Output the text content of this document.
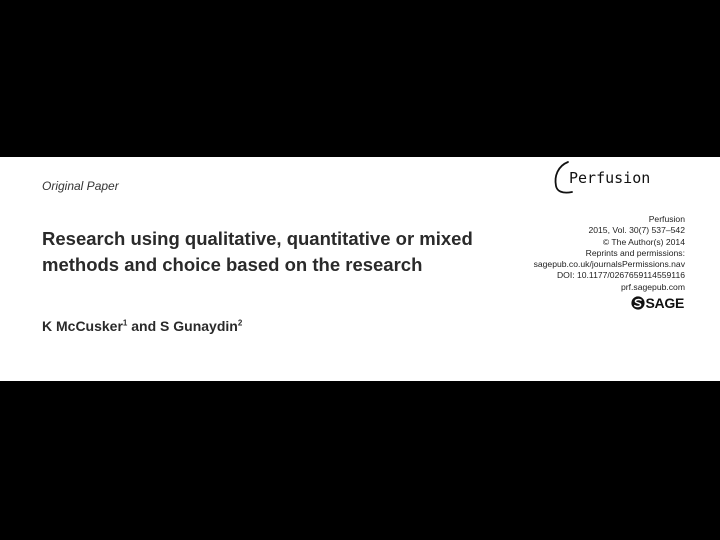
Original Paper
Research using qualitative, quantitative or mixed
methods and choice based on the research
K McCusker$^1$ and S Gunaydin$^2$
Perfusion
Perfusion
2015, Vol. 30(7) 537–542
© The Author(s) 2014
Reprints and permissions:
sagepub.co.uk/journalsPermissions.nav
DOI: 10.1177/0267659114559116
prf.sagepub.com
SAGE
